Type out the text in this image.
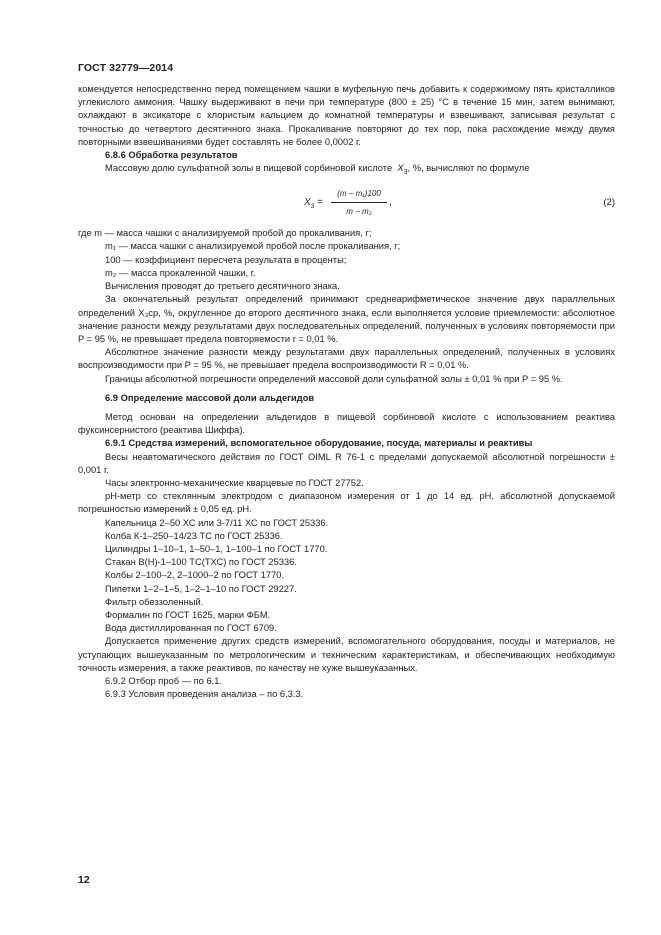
ГОСТ 32779—2014

комендуется непосредственно перед помещением чашки в муфельную печь добавить к содержимому пять кристалликов углекислого аммония. Чашку выдерживают в печи при температуре (800 ± 25) °С в течение 15 мин, затем вынимают, охлаждают в эксикаторе с хлористым кальцием до комнатной температуры и взвешивают, записывая результат с точностью до четвертого десятичного знака. Прокаливание повторяют до тех пор, пока расхождение между двумя повторными взвешиваниями будет составлять не более 0,0002 г.

6.8.6 Обработка результатов

Массовую долю сульфатной золы в пищевой сорбиновой кислоте $X_3$, %, вычисляют по формуле

$X_3 = \frac{\text{(m − m₁)100}}{\text{m − m₂}}$ ,	(2)

где m — масса чашки с анализируемой пробой до прокаливания, г;

m₁ — масса чашки с анализируемой пробой после прокаливания, г;

100 — коэффициент пересчета результата в проценты;

m₂ — масса прокаленной чашки, г.

Вычисления проводят до третьего десятичного знака.

За окончательный результат определений принимают среднеарифметическое значение двух параллельных определений X₃ср, %, округленное до второго десятичного знака, если выполняется условие приемлемости: абсолютное значение разности между результатами двух последовательных определений, полученных в условиях повторяемости при P = 95 %, не превышает предела повторяемости r = 0,01 %.

Абсолютное значение разности между результатами двух параллельных определений, полученных в условиях воспроизводимости при P = 95 %, не превышает предела воспроизводимости R = 0,01 %.

Границы абсолютной погрешности определений массовой доли сульфатной золы ± 0,01 % при P = 95 %.

6.9 Определение массовой доли альдегидов

Метод основан на определении альдегидов в пищевой сорбиновой кислоте с использованием реактива фуксинсернистого (реактива Шиффа).

6.9.1 Средства измерений, вспомогательное оборудование, посуда, материалы и реактивы

Весы неавтоматического действия по ГОСТ OIML R 76-1 с пределами допускаемой абсолютной погрешности ± 0,001 г.

Часы электронно-механические кварцевые по ГОСТ 27752.

pH-метр со стеклянным электродом с диапазоном измерения от 1 до 14 ед. pH, абсолютной допускаемой погрешностью измерений ± 0,05 ед. pH.

Капельница 2–50 ХС или 3-7/11 ХС по ГОСТ 25336.

Колба К-1–250–14/23 ТС по ГОСТ 25336.

Цилиндры 1–10–1, 1–50–1, 1–100–1 по ГОСТ 1770.

Стакан В(Н)-1–100 ТС(ТХС) по ГОСТ 25336.

Колбы 2–100–2, 2–1000–2 по ГОСТ 1770.

Пипетки 1–2–1–5, 1–2–1–10 по ГОСТ 29227.

Фильтр обеззоленный.

Формалин по ГОСТ 1625, марки ФБМ.

Вода дистиллированная по ГОСТ 6709.

Допускается применение других средств измерений, вспомогательного оборудования, посуды и материалов, не уступающих вышеуказанным по метрологическим и техническим характеристикам, и обеспечивающих необходимую точность измерения, а также реактивов, по качеству не хуже вышеуказанных.

6.9.2 Отбор проб — по 6.1.

6.9.3 Условия проведения анализа – по 6.3.3.

12
